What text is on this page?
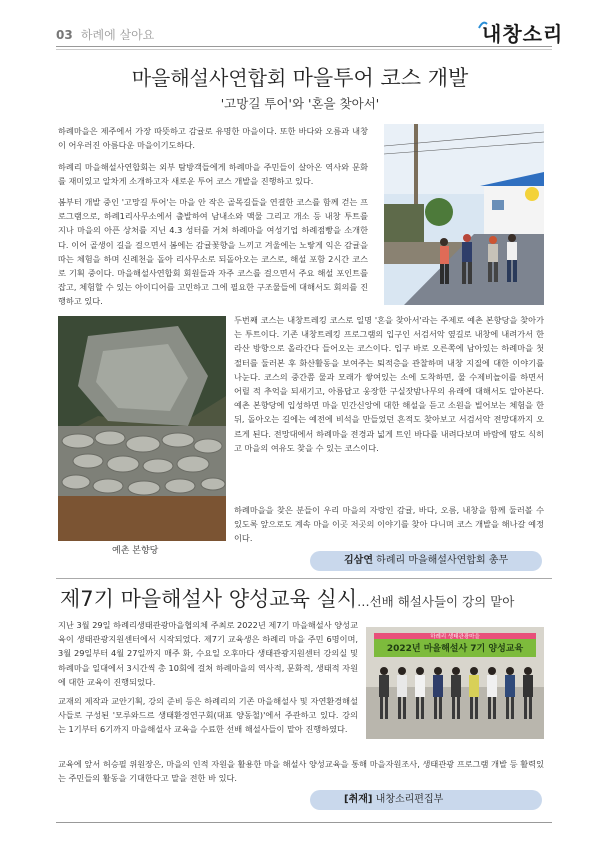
03 하례에 살아요	내창소리
마을해설사연합회 마을투어 코스 개발
'고망길 투어'와 '혼을 찾아서'
하례마을은 제주에서 가장 따뜻하고 감귤로 유명한 마을이다. 또한 바다와 오름과 내창이 어우러진 아름다운 마을이기도하다.
하례리 마을해설사연합회는 외부 탐방객들에게 하례마을 주민들이 살아온 역사와 문화를 재미있고 알차게 소개하고자 새로운 투어 코스 개발을 진행하고 있다.
봄부터 개발 중인 '고망길 투어'는 마을 안 작은 골목길들을 연결한 코스를 함께 걷는 프로그램으로, 하례1리사무소에서 출발하여 남내소와 맥물 그리고 개소 등 내창 투트를 지나 마을의 아픈 상처를 지닌 4.3 성터를 거쳐 하례마을 여성기업 하례점빵을 소개한다. 이어 골생이 길을 걸으면서 봄에는 감귤꽃향을 느끼고 겨울에는 노랗게 익은 감귤을 따는 체험을 하며 신례천을 돌아 리사무소로 되돌아오는 코스로, 해설 포함 2시간 코스로 기획 중이다. 마을해설사연합회 회원들과 자주 코스를 걸으면서 주요 해설 포인트를 잡고, 체험할 수 있는 아이디어를 고민하고 그에 필요한 구조물들에 대해서도 회의를 진행하고 있다.
예촌 본향당
두번째 코스는 내창트레킹 코스로 일명 '혼을 찾아서'라는 주제로 예촌 본향당을 찾아가는 투트이다. 기존 내창트레킹 프로그램의 입구인 서검서악 옆길로 내창에 내려가서 한라산 방향으로 올라간다 들어오는 코스이다. 입구 바로 오른쪽에 남아있는 하례마을 첫 절터를 둘러본 후 화산활동을 보여주는 퇴적층을 관찰하며 내창 지질에 대한 이야기를 나눈다. 코스의 중간쯤 물과 모래가 쌓여있는 소에 도착하면, 물 수제비놀이를 하면서 어릴 적 추억을 되새기고, 아름답고 웅장한 구실잣밤나무의 유래에 대해서도 알아본다. 예촌 본향당에 입성하면 마을 민간신앙에 대한 해설을 듣고 소원을 빌어보는 체험을 한 뒤, 돌아오는 길에는 예전에 비석을 만들었던 흔적도 찾아보고 서검서악 전망대까지 오르게 된다. 전망대에서 하례마을 전경과 넓게 트인 바다를 내려다보며 바람에 땀도 식히고 마을의 여유도 찾을 수 있는 코스이다.
하례마을을 찾은 분들이 우리 마을의 자랑인 감귤, 바다, 오름, 내창을 함께 둘러볼 수 있도록 앞으로도 계속 마을 이곳 저곳의 이야기를 찾아 다니며 코스 개발을 해나갈 예정이다.
김삼연 하례리 마을해설사연합회 총무
제7기 마을해설사 양성교육 실시…선배 해설사들이 강의 맡아
지난 3월 29일 하례리생태관광마을협의체 주최로 2022년 제7기 마을해설사 양성교육이 생태관광지원센터에서 시작되었다. 제7기 교육생은 하례리 마을 주민 6명이며, 3월 29일부터 4월 27일까지 매주 화, 수요일 오후마다 생태관광지원센터 강의실 및 하례마을 일대에서 3시간씩 총 10회에 걸쳐 하례마을의 역사적, 문화적, 생태적 자원에 대한 교육이 진행되었다.
교재의 제작과 교안기획, 강의 준비 등은 하례리의 기존 마을해설사 및 자연환경해설사들로 구성된 '모루와드르 생태환경연구회(대표 양동철)'에서 주관하고 있다. 강의는 1기부터 6기까지 마을해설사 교육을 수료한 선배 해설사들이 맡아 진행하였다.
교육에 앞서 허승필 위원장은, 마을의 인적 자원을 활용한 마을 해설사 양성교육을 통해 마을자원조사, 생태관광 프로그램 개발 등 활력있는 주민들의 활동을 기대한다고 말을 전한 바 있다.
하례리 생태관광마을
2022년 마을해설사 7기 양성교육
[취재] 내창소리편집부
